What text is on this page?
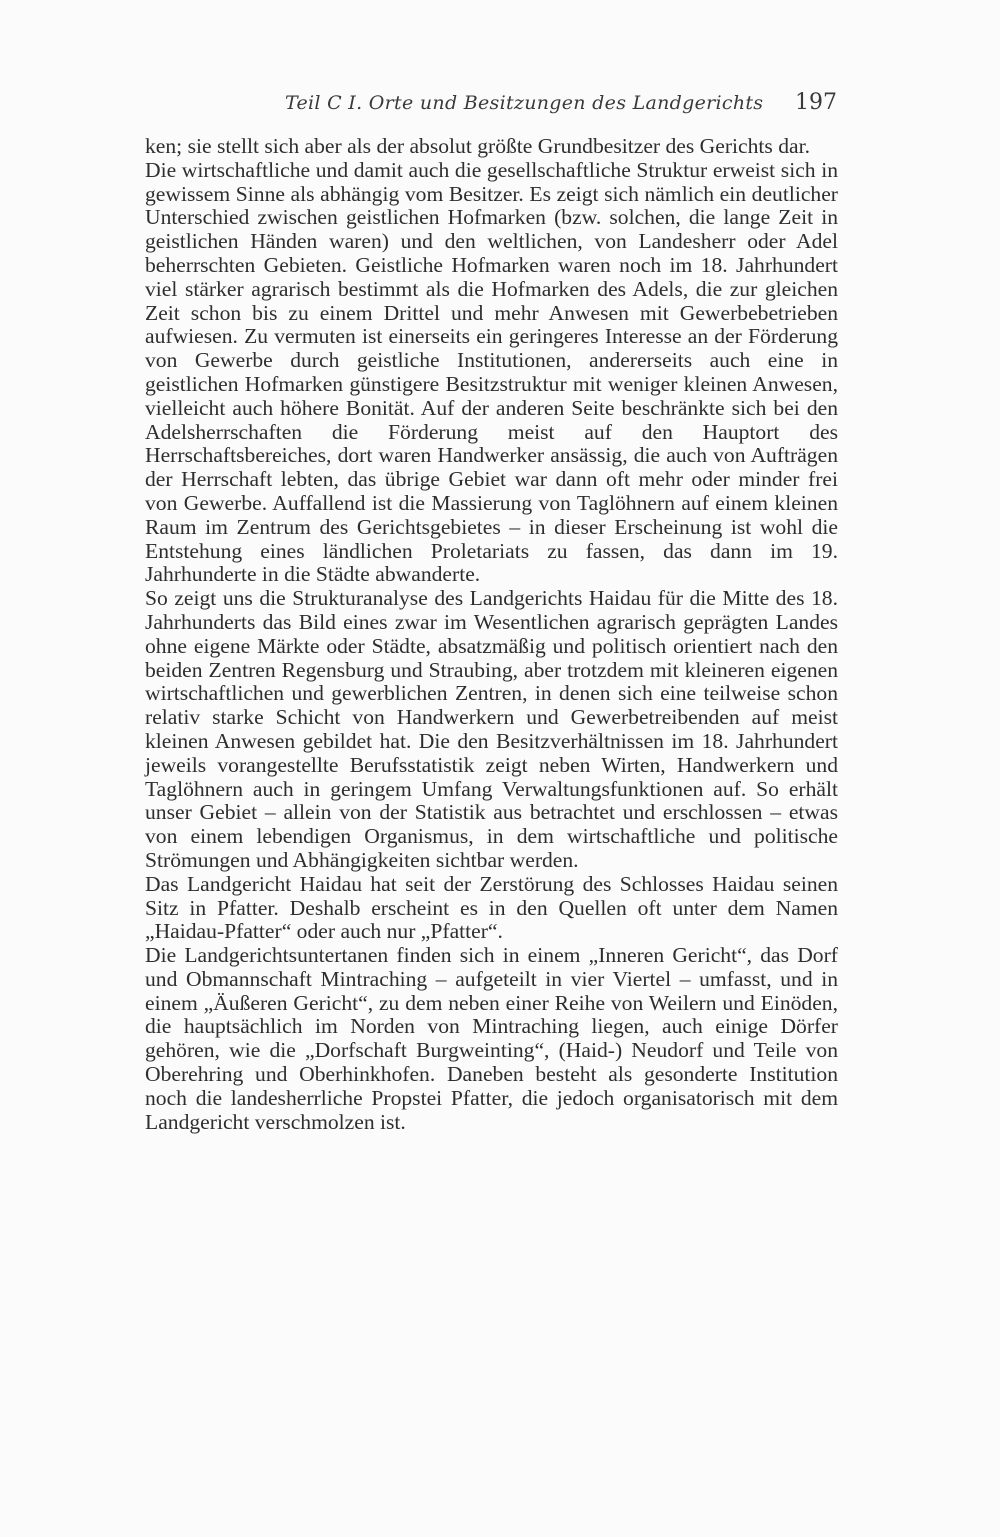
Teil C I. Orte und Besitzungen des Landgerichts 197

ken; sie stellt sich aber als der absolut größte Grundbesitzer des Gerichts dar.

Die wirtschaftliche und damit auch die gesellschaftliche Struktur erweist sich in gewissem Sinne als abhängig vom Besitzer. Es zeigt sich nämlich ein deutlicher Unterschied zwischen geistlichen Hofmarken (bzw. solchen, die lange Zeit in geistlichen Händen waren) und den weltlichen, von Landesherr oder Adel beherrschten Gebieten. Geistliche Hofmarken waren noch im 18. Jahrhundert viel stärker agrarisch bestimmt als die Hofmarken des Adels, die zur gleichen Zeit schon bis zu einem Drittel und mehr Anwesen mit Gewerbebetrieben aufwiesen. Zu vermuten ist einerseits ein geringeres Interesse an der Förderung von Gewerbe durch geistliche Institutionen, andererseits auch eine in geistlichen Hofmarken günstigere Besitzstruktur mit weniger kleinen Anwesen, vielleicht auch höhere Bonität. Auf der anderen Seite beschränkte sich bei den Adelsherrschaften die Förderung meist auf den Hauptort des Herrschaftsbereiches, dort waren Handwerker ansässig, die auch von Aufträgen der Herrschaft lebten, das übrige Gebiet war dann oft mehr oder minder frei von Gewerbe. Auffallend ist die Massierung von Taglöhnern auf einem kleinen Raum im Zentrum des Gerichtsgebietes – in dieser Erscheinung ist wohl die Entstehung eines ländlichen Proletariats zu fassen, das dann im 19. Jahrhunderte in die Städte abwanderte.

So zeigt uns die Strukturanalyse des Landgerichts Haidau für die Mitte des 18. Jahrhunderts das Bild eines zwar im Wesentlichen agrarisch geprägten Landes ohne eigene Märkte oder Städte, absatzmäßig und politisch orientiert nach den beiden Zentren Regensburg und Straubing, aber trotzdem mit kleineren eigenen wirtschaftlichen und gewerblichen Zentren, in denen sich eine teilweise schon relativ starke Schicht von Handwerkern und Gewerbetreibenden auf meist kleinen Anwesen gebildet hat. Die den Besitzverhältnissen im 18. Jahrhundert jeweils vorangestellte Berufsstatistik zeigt neben Wirten, Handwerkern und Taglöhnern auch in geringem Umfang Verwaltungsfunktionen auf. So erhält unser Gebiet – allein von der Statistik aus betrachtet und erschlossen – etwas von einem lebendigen Organismus, in dem wirtschaftliche und politische Strömungen und Abhängigkeiten sichtbar werden.

Das Landgericht Haidau hat seit der Zerstörung des Schlosses Haidau seinen Sitz in Pfatter. Deshalb erscheint es in den Quellen oft unter dem Namen „Haidau-Pfatter“ oder auch nur „Pfatter“.

Die Landgerichtsuntertanen finden sich in einem „Inneren Gericht“, das Dorf und Obmannschaft Mintraching – aufgeteilt in vier Viertel – umfasst, und in einem „Äußeren Gericht“, zu dem neben einer Reihe von Weilern und Einöden, die hauptsächlich im Norden von Mintraching liegen, auch einige Dörfer gehören, wie die „Dorfschaft Burgweinting“, (Haid-) Neudorf und Teile von Oberehring und Oberhinkhofen. Daneben besteht als gesonderte Institution noch die landesherrliche Propstei Pfatter, die jedoch organisatorisch mit dem Landgericht verschmolzen ist.
